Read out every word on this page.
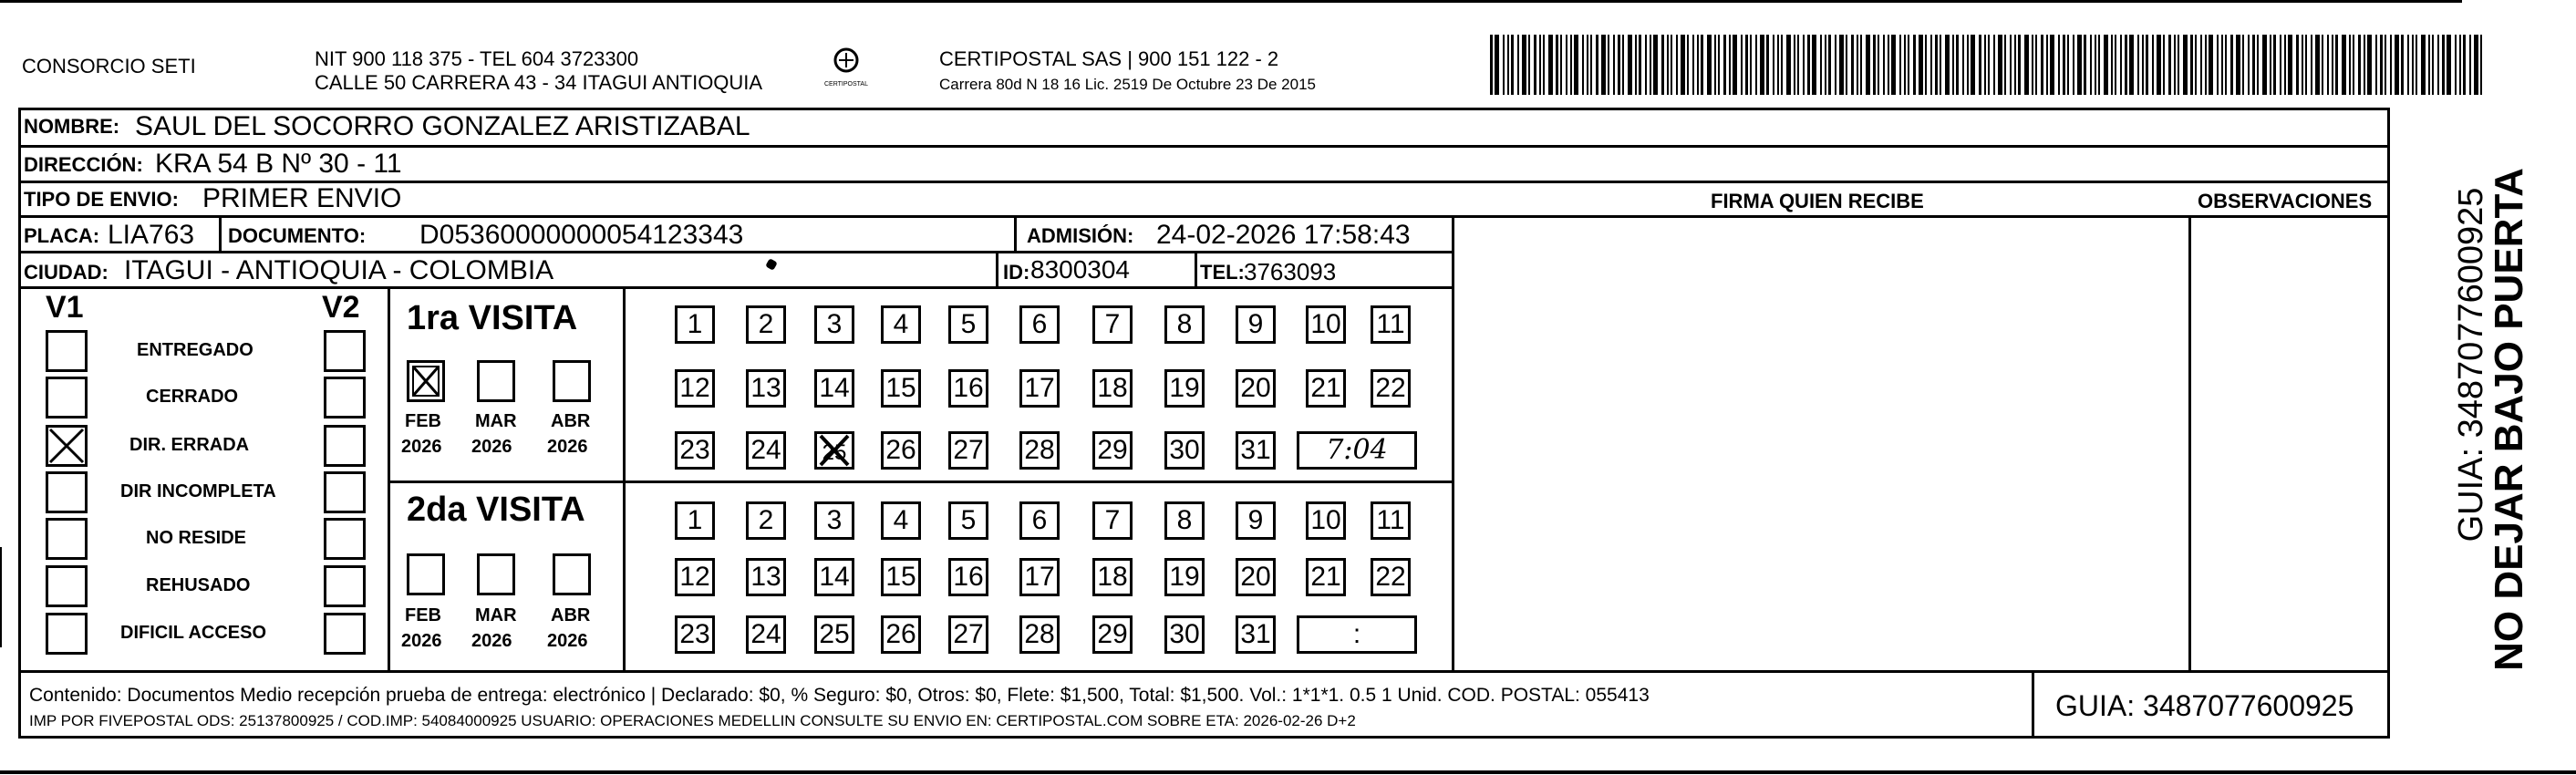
CONSORCIO SETI	NIT 900 118 375 - TEL 604 3723300
CALLE 50 CARRERA 43 - 34 ITAGUI ANTIOQUIA	CERTIPOSTAL
CERTIPOSTAL SAS | 900 151 122 - 2
Carrera 80d N 18 16 Lic. 2519 De Octubre 23 De 2015
NOMBRE: SAUL DEL SOCORRO GONZALEZ ARISTIZABAL
DIRECCIÓN: KRA 54 B Nº 30 - 11
TIPO DE ENVIO: PRIMER ENVIO	FIRMA QUIEN RECIBE	OBSERVACIONES
PLACA: LIA763 DOCUMENTO: D05360000000054123343	ADMISIÓN: 24-02-2026 17:58:43
CIUDAD: ITAGUI - ANTIOQUIA - COLOMBIA	ID: 8300304	TEL: 3763093
V1	V2
ENTREGADO
CERRADO
DIR. ERRADA
DIR INCOMPLETA
NO RESIDE
REHUSADO
DIFICIL ACCESO
1ra VISITA
2da VISITA
FEB
2026
MAR
2026
ABR
2026
FEB
2026
MAR
2026
ABR
2026
1	2	3	4	5	6	7	8	9	10 11
12 13 14 15 16 17 18 19 20 21 22
23 24 25 26 27 28 29 30 31	7:04
1	2	3	4	5	6	7	8	9	10 11
12 13 14 15 16 17 18 19 20 21 22
23 24 25 26 27 28 29 30 31	:
Contenido: Documentos Medio recepción prueba de entrega: electrónico | Declarado: $0, % Seguro: $0, Otros: $0, Flete: $1,500, Total: $1,500. Vol.: 1*1*1. 0.5 1 Unid. COD. POSTAL: 055413
IMP POR FIVEPOSTAL ODS: 25137800925 / COD.IMP: 54084000925 USUARIO: OPERACIONES MEDELLIN CONSULTE SU ENVIO EN: CERTIPOSTAL.COM SOBRE ETA: 2026-02-26 D+2	GUIA: 3487077600925
NO DEJAR BAJO PUERTA
GUIA: 3487077600925
